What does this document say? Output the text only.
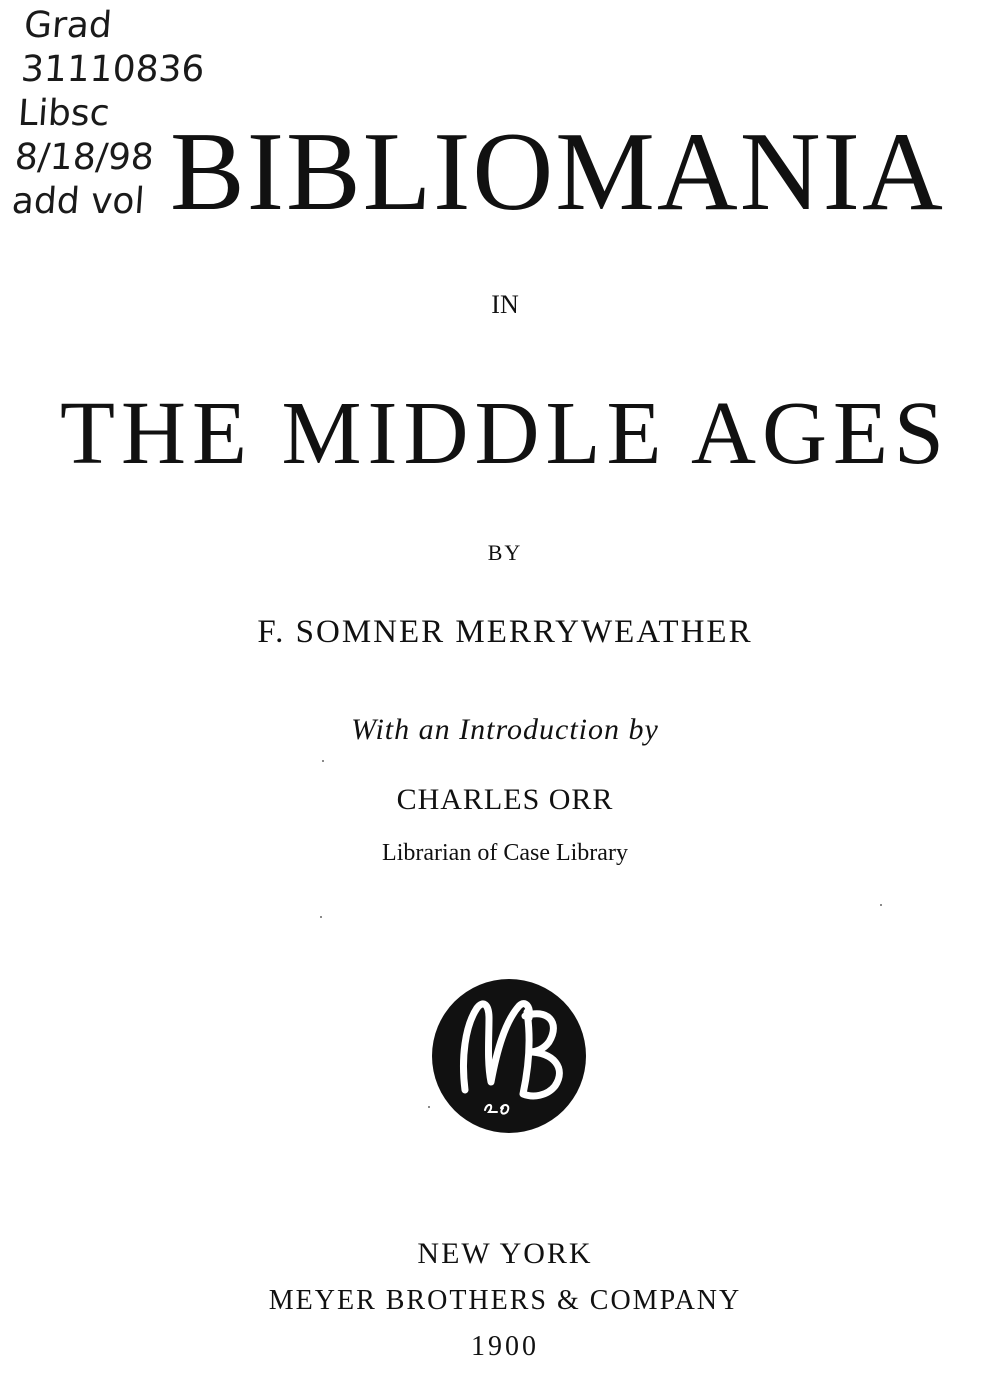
Grad
31110836
Libsc
8/18/98
add vol BIBLIOMANIA
IN
THE MIDDLE AGES
BY
F. SOMNER MERRYWEATHER
With an Introduction by
CHARLES ORR
Librarian of Case Library
NEW YORK
MEYER BROTHERS & COMPANY
1900
